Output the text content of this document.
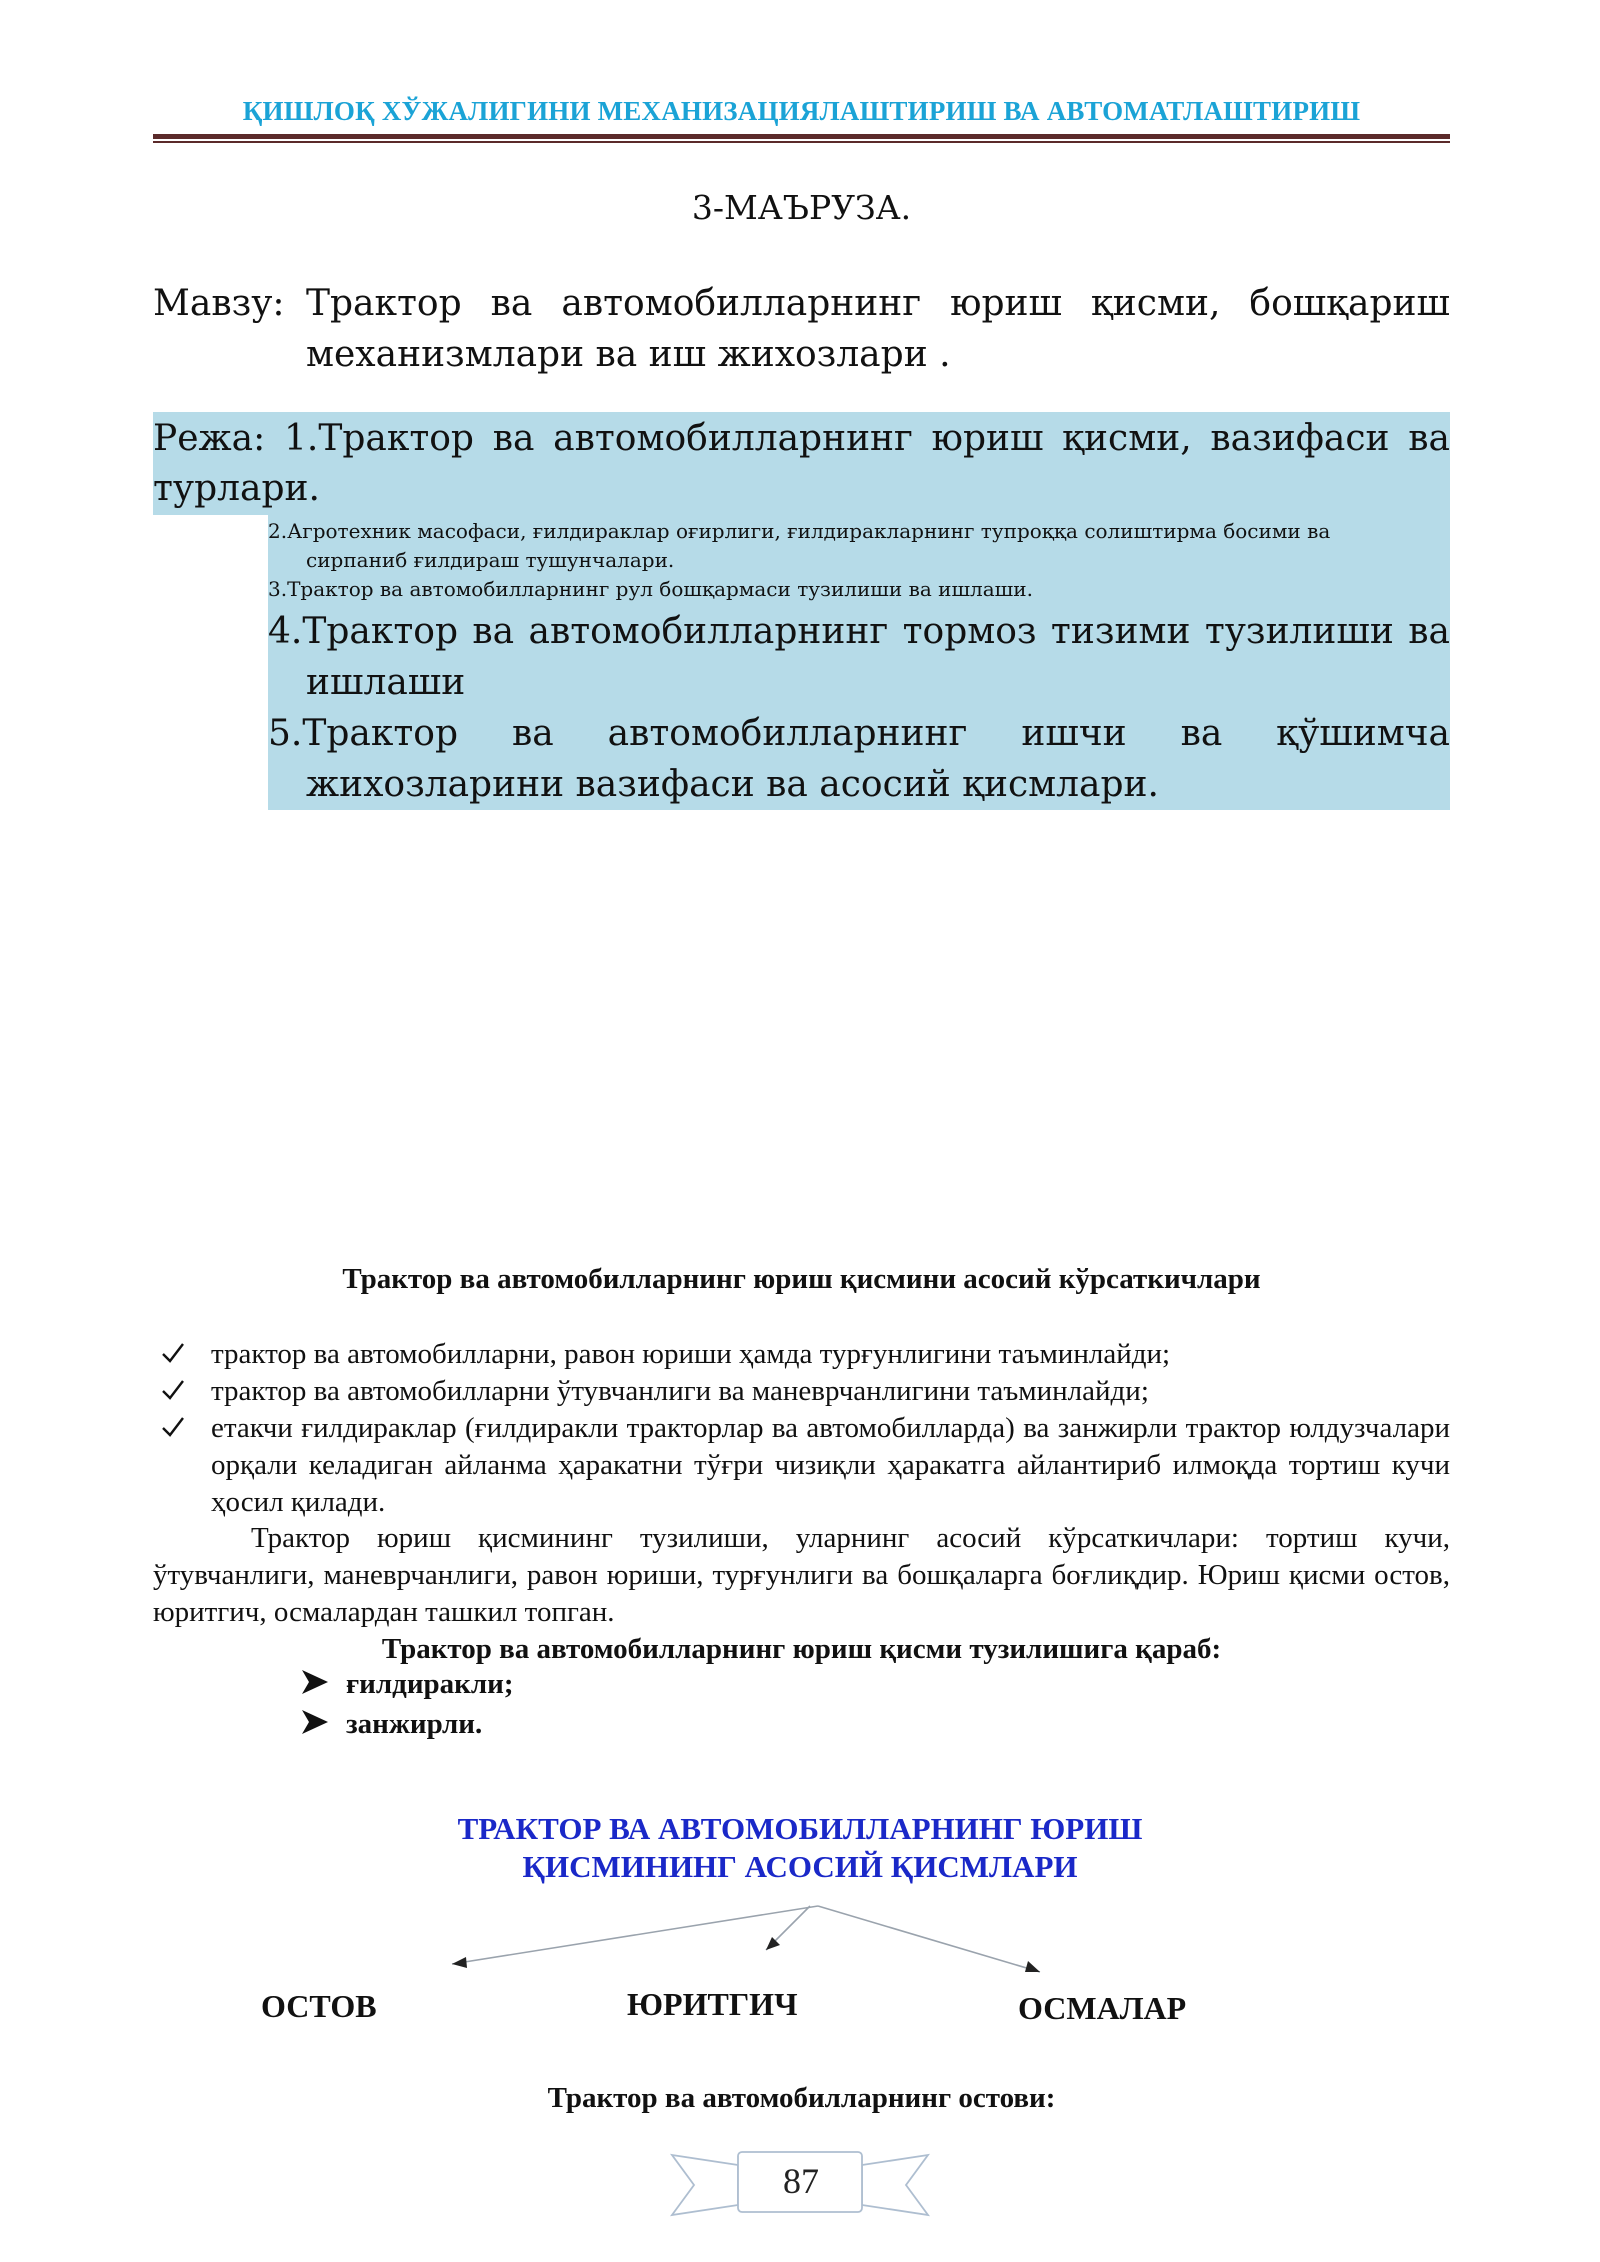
ҚИШЛОҚ ХЎЖАЛИГИНИ МЕХАНИЗАЦИЯЛАШТИРИШ ВА АВТОМАТЛАШТИРИШ
3-МАЪРУЗА.
Мавзу: Трактор ва автомобилларнинг юриш қисми, бошқариш механизмлари ва иш жихозлари .
Режа: 1.Трактор ва автомобилларнинг юриш қисми, вазифаси ва турлари.
2.Агротехник масофаси, ғилдираклар оғирлиги, ғилдиракларнинг тупроққа солиштирма босими ва сирпаниб ғилдираш тушунчалари.
3.Трактор ва автомобилларнинг рул бошқармаси тузилиши ва ишлаши.
4.Трактор ва автомобилларнинг тормоз тизими тузилиши ва ишлаши
5.Трактор ва автомобилларнинг ишчи ва қўшимча жихозларини вазифаси ва асосий қисмлари.
Трактор ва автомобилларнинг юриш қисмини асосий кўрсаткичлари
трактор ва автомобилларни, равон юриши ҳамда турғунлигини таъминлайди;
трактор ва автомобилларни ўтувчанлиги ва маневрчанлигини таъминлайди;
етакчи ғилдираклар (ғилдиракли тракторлар ва автомобилларда) ва занжирли трактор юлдузчалари орқали келадиган айланма ҳаракатни тўғри чизиқли ҳаракатга айлантириб илмоқда тортиш кучи ҳосил қилади.
Трактор юриш қисмининг тузилиши, уларнинг асосий кўрсаткичлари: тортиш кучи, ўтувчанлиги, маневрчанлиги, равон юриши, турғунлиги ва бошқаларга боғлиқдир. Юриш қисми остов, юритгич, осмалардан ташкил топган.
Трактор ва автомобилларнинг юриш қисми тузилишига қараб:
ғилдиракли;
занжирли.
ТРАКТОР ВА АВТОМОБИЛЛАРНИНГ ЮРИШ
ҚИСМИНИНГ АСОСИЙ ҚИСМЛАРИ
ОСТОВ	ЮРИТГИЧ	ОСМАЛАР
Трактор ва автомобилларнинг остови:
87
